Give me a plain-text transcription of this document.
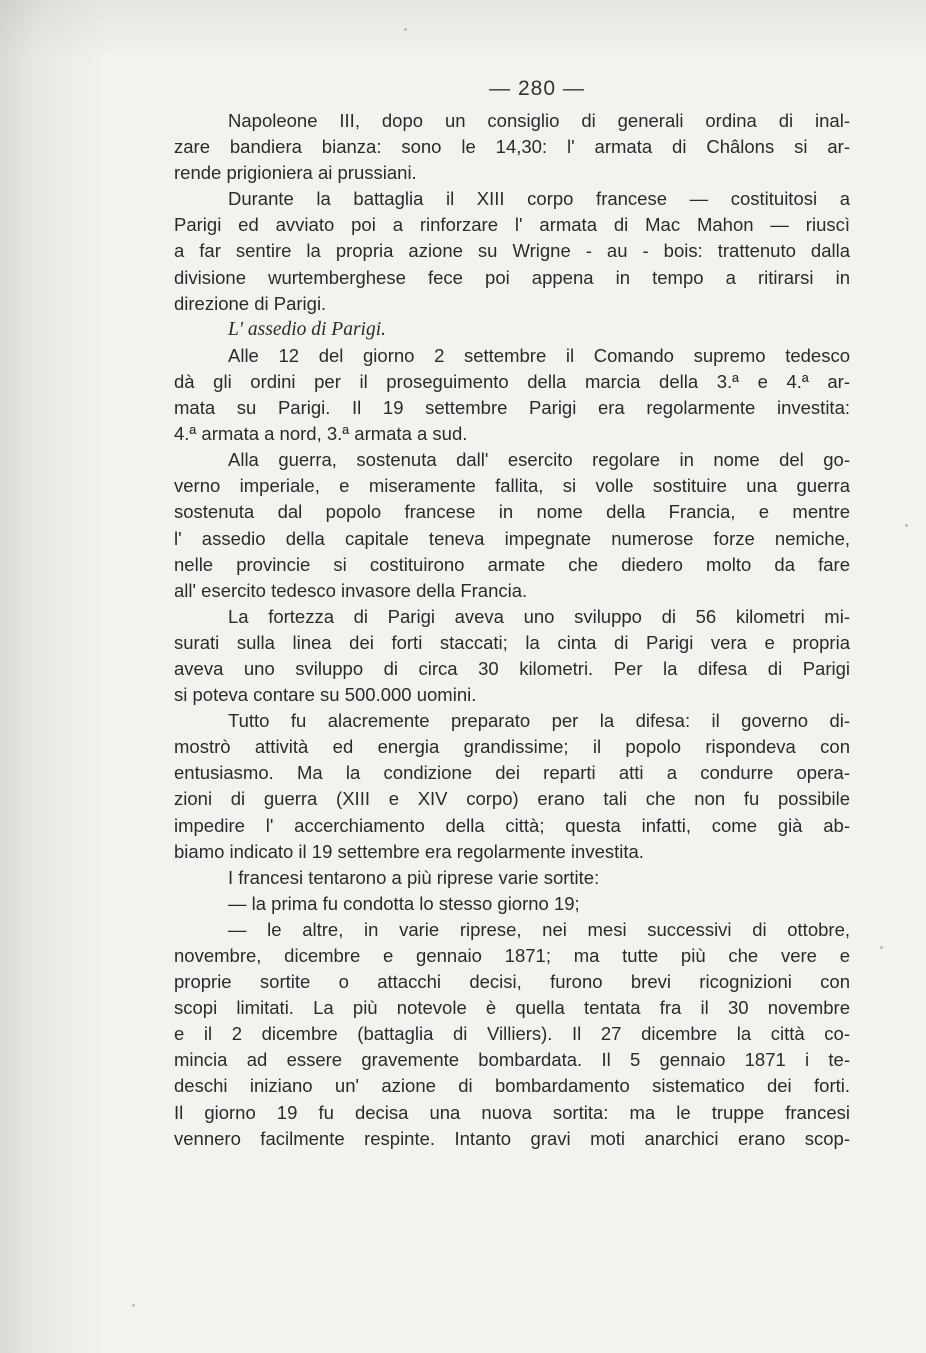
— 280 —
Napoleone III, dopo un consiglio di generali ordina di inal-
zare bandiera bianza: sono le 14,30: l' armata di Châlons si ar-
rende prigioniera ai prussiani.
Durante la battaglia il XIII corpo francese — costituitosi a
Parigi ed avviato poi a rinforzare l' armata di Mac Mahon — riuscì
a far sentire la propria azione su Wrigne - au - bois: trattenuto dalla
divisione wurtemberghese fece poi appena in tempo a ritirarsi in
direzione di Parigi.
L' assedio di Parigi.
Alle 12 del giorno 2 settembre il Comando supremo tedesco
dà gli ordini per il proseguimento della marcia della 3.ª e 4.ª ar-
mata su Parigi. Il 19 settembre Parigi era regolarmente investita:
4.ª armata a nord, 3.ª armata a sud.
Alla guerra, sostenuta dall' esercito regolare in nome del go-
verno imperiale, e miseramente fallita, si volle sostituire una guerra
sostenuta dal popolo francese in nome della Francia, e mentre
l' assedio della capitale teneva impegnate numerose forze nemiche,
nelle provincie si costituirono armate che diedero molto da fare
all' esercito tedesco invasore della Francia.
La fortezza di Parigi aveva uno sviluppo di 56 kilometri mi-
surati sulla linea dei forti staccati; la cinta di Parigi vera e propria
aveva uno sviluppo di circa 30 kilometri. Per la difesa di Parigi
si poteva contare su 500.000 uomini.
Tutto fu alacremente preparato per la difesa: il governo di-
mostrò attività ed energia grandissime; il popolo rispondeva con
entusiasmo. Ma la condizione dei reparti atti a condurre opera-
zioni di guerra (XIII e XIV corpo) erano tali che non fu possibile
impedire l' accerchiamento della città; questa infatti, come già ab-
biamo indicato il 19 settembre era regolarmente investita.
I francesi tentarono a più riprese varie sortite:
— la prima fu condotta lo stesso giorno 19;
— le altre, in varie riprese, nei mesi successivi di ottobre,
novembre, dicembre e gennaio 1871; ma tutte più che vere e
proprie sortite o attacchi decisi, furono brevi ricognizioni con
scopi limitati. La più notevole è quella tentata fra il 30 novembre
e il 2 dicembre (battaglia di Villiers). Il 27 dicembre la città co-
mincia ad essere gravemente bombardata. Il 5 gennaio 1871 i te-
deschi iniziano un' azione di bombardamento sistematico dei forti.
Il giorno 19 fu decisa una nuova sortita: ma le truppe francesi
vennero facilmente respinte. Intanto gravi moti anarchici erano scop-
